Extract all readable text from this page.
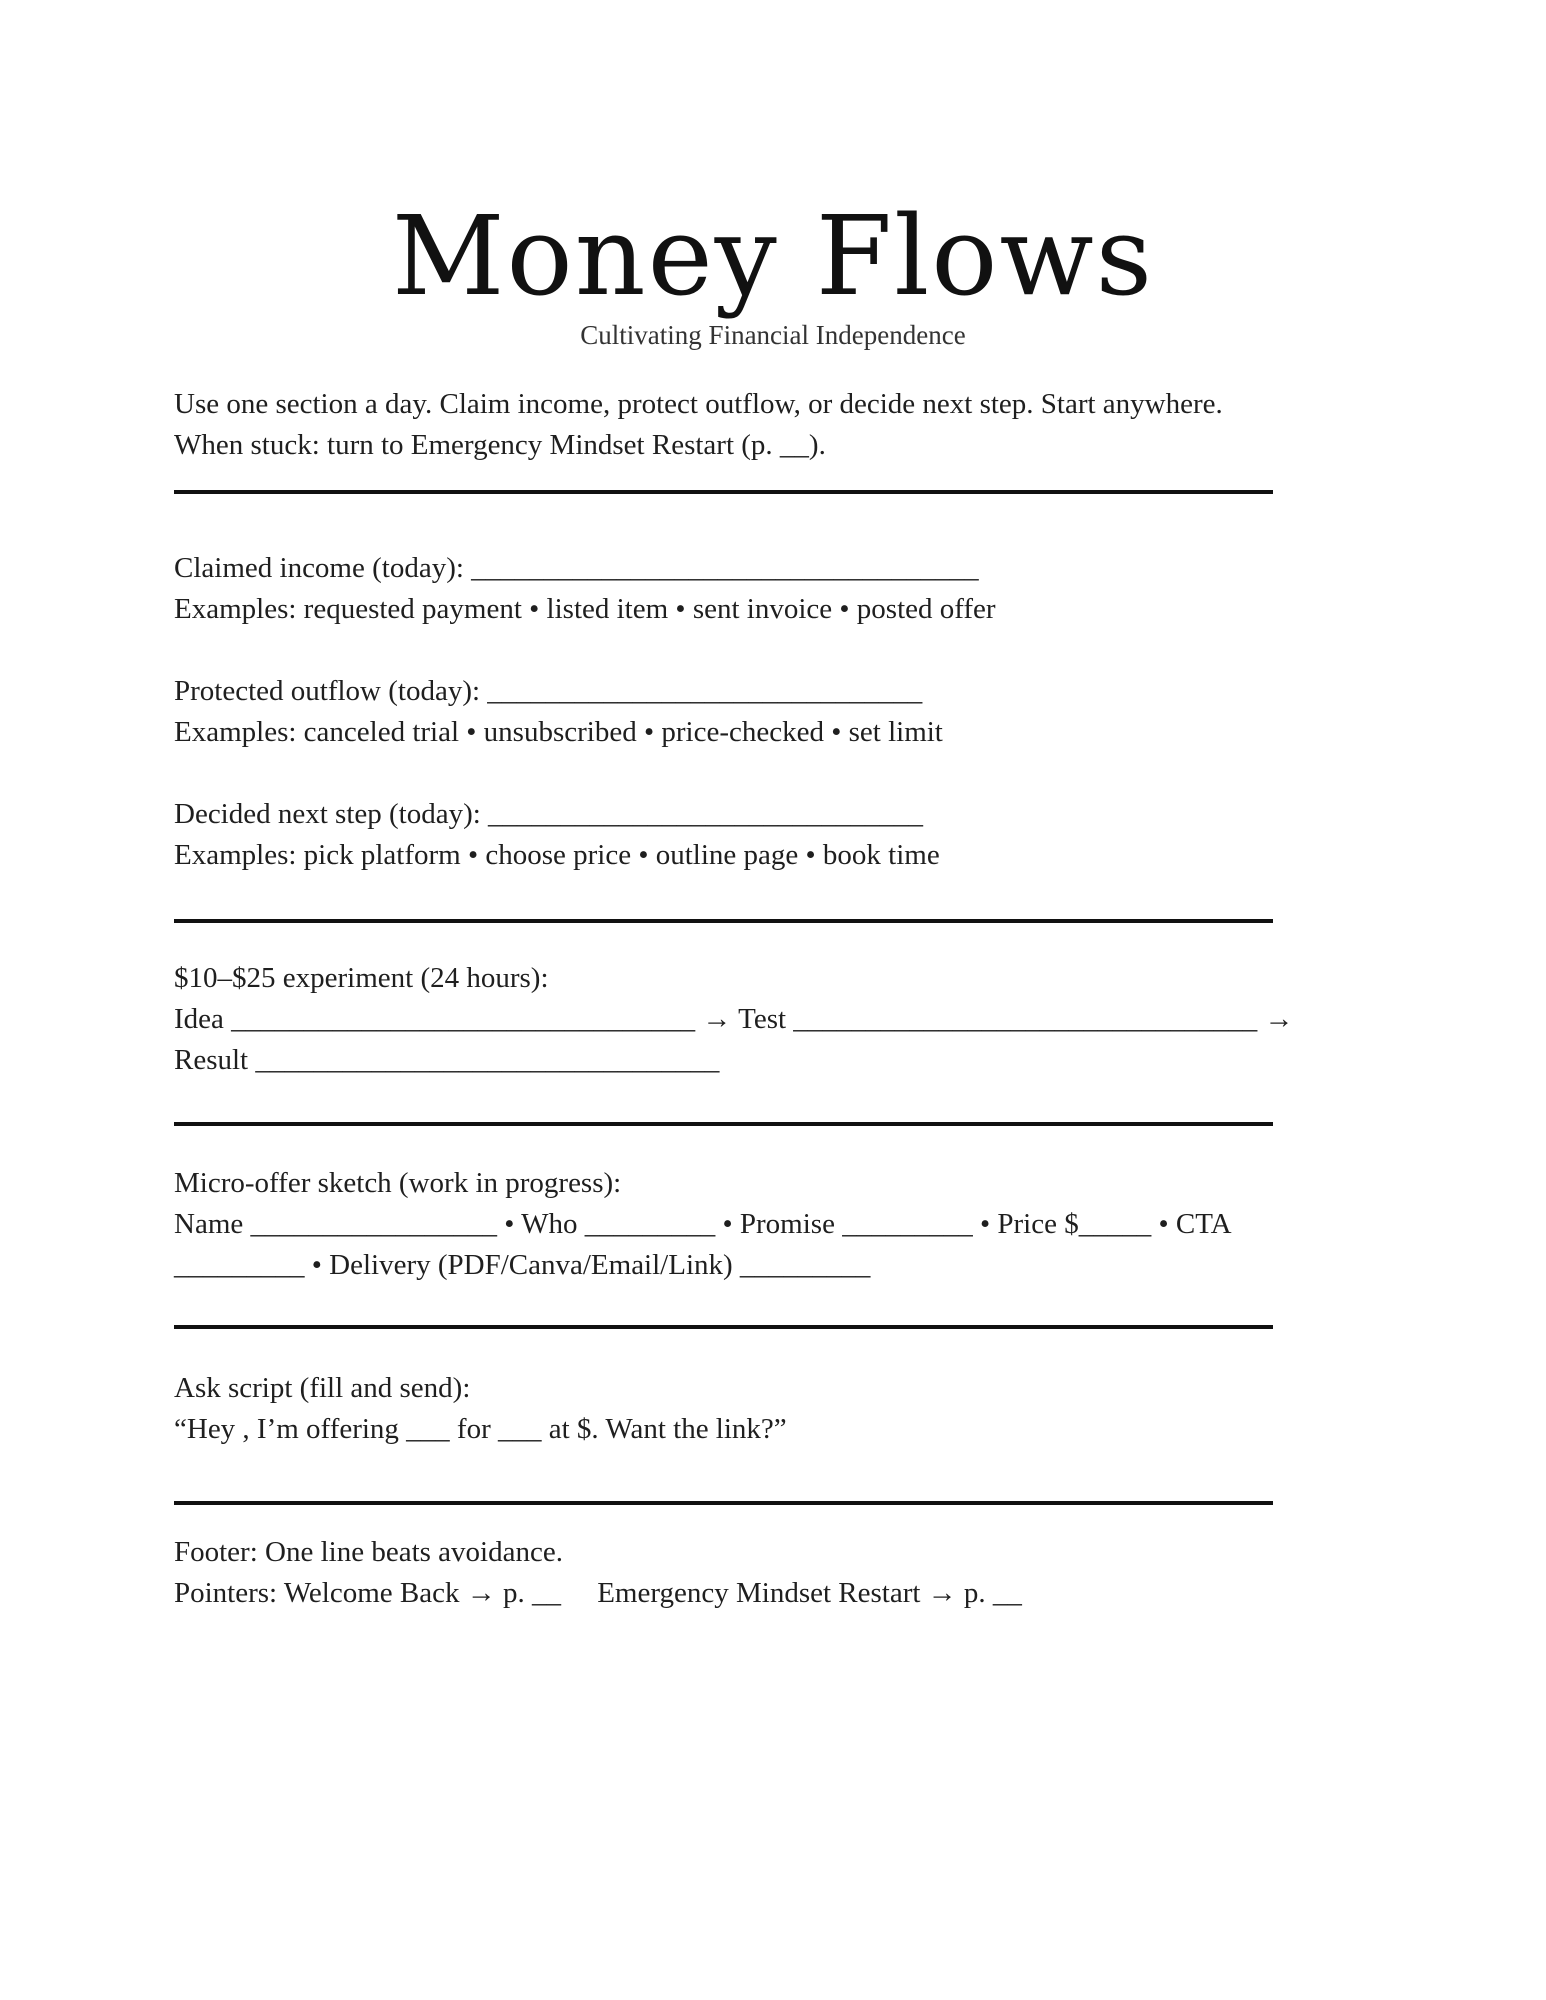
Money Flows
Cultivating Financial Independence
Use one section a day. Claim income, protect outflow, or decide next step. Start anywhere.
When stuck: turn to Emergency Mindset Restart (p. __).
Claimed income (today): ___________________________________
Examples: requested payment • listed item • sent invoice • posted offer
Protected outflow (today): ______________________________
Examples: canceled trial • unsubscribed • price-checked • set limit
Decided next step (today): ______________________________
Examples: pick platform • choose price • outline page • book time
$10–$25 experiment (24 hours):
Idea ________________________________ → Test ________________________________ →
Result ________________________________
Micro-offer sketch (work in progress):
Name _________________ • Who _________ • Promise _________ • Price $_____ • CTA
_________ • Delivery (PDF/Canva/Email/Link) _________
Ask script (fill and send):
“Hey , I’m offering ___ for ___ at $. Want the link?”
Footer: One line beats avoidance.
Pointers: Welcome Back → p. __     Emergency Mindset Restart → p. __
